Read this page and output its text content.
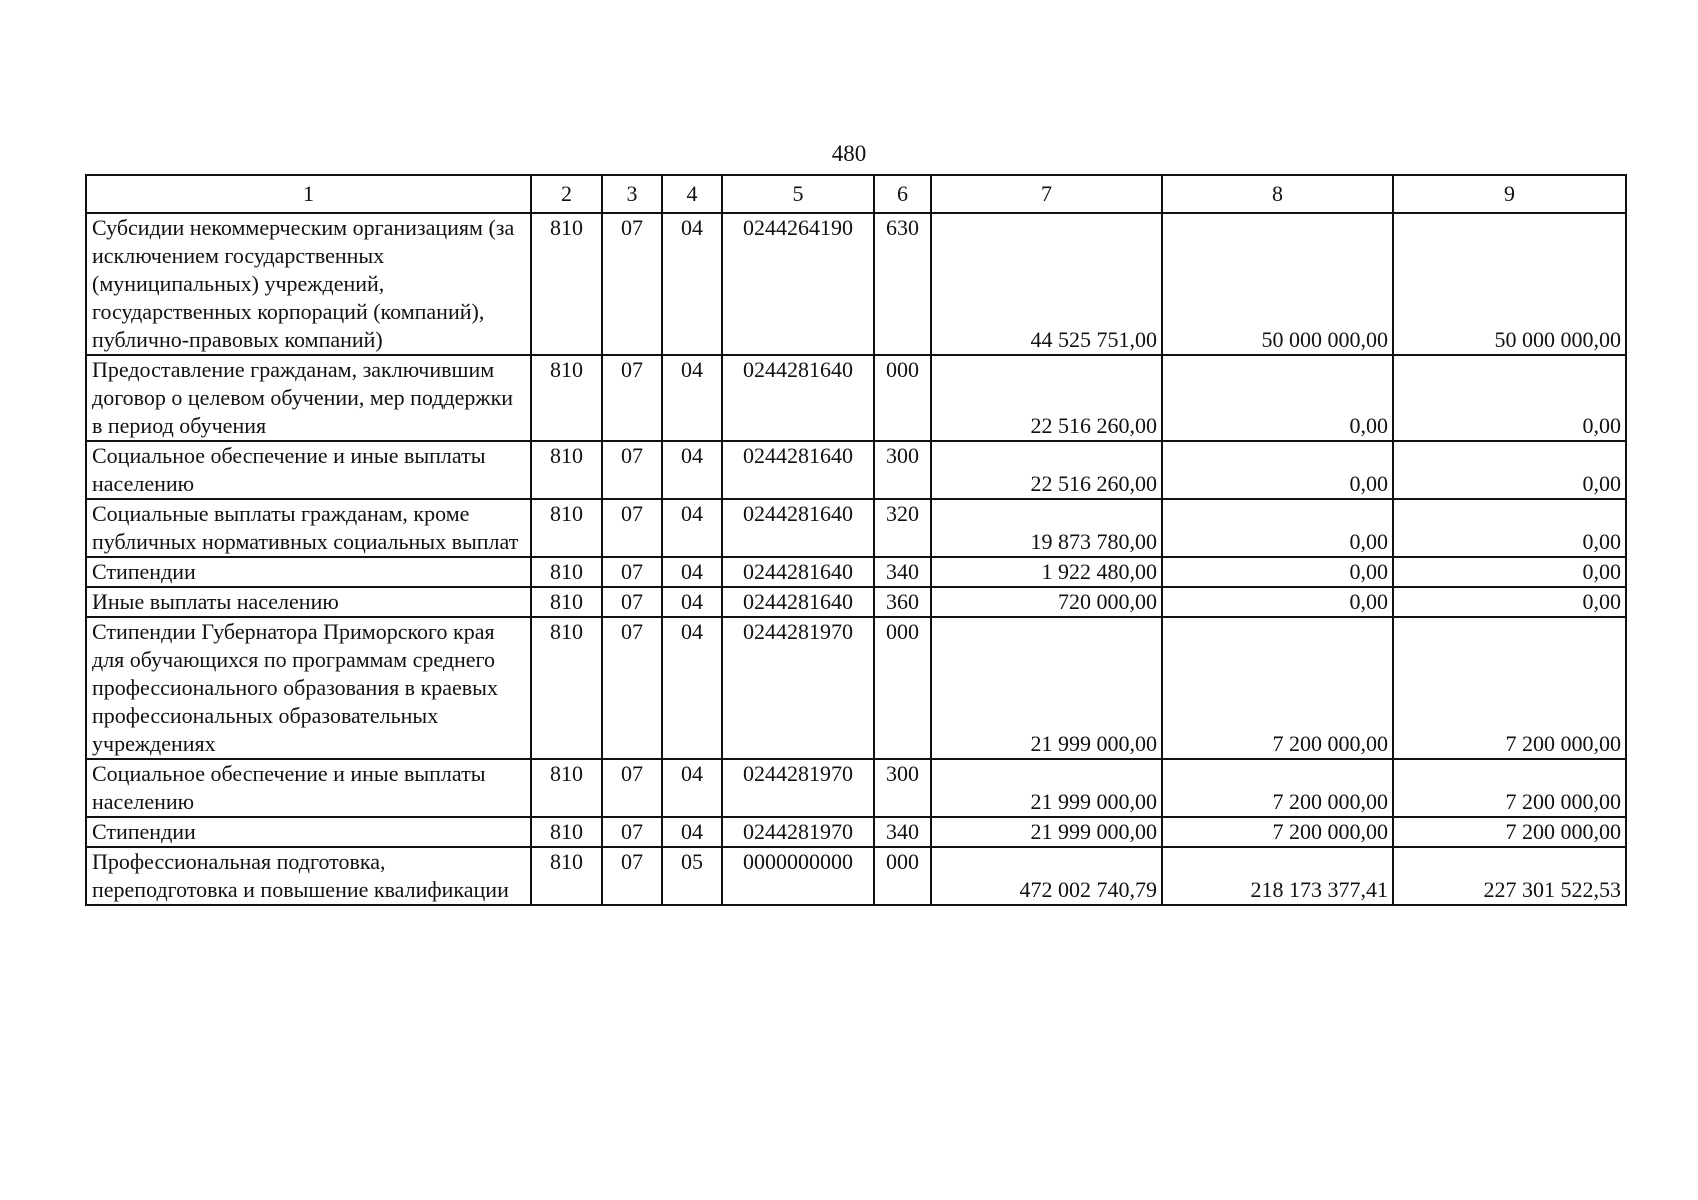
480
1	2	3	4	5	6	7	8	9
Субсидии некоммерческим организациям (за исключением государственных (муниципальных) учреждений, государственных корпораций (компаний), публично-правовых компаний)	810	07	04	0244264190	630	44 525 751,00	50 000 000,00	50 000 000,00
Предоставление гражданам, заключившим договор о целевом обучении, мер поддержки в период обучения	810	07	04	0244281640	000	22 516 260,00	0,00	0,00
Социальное обеспечение и иные выплаты населению	810	07	04	0244281640	300	22 516 260,00	0,00	0,00
Социальные выплаты гражданам, кроме публичных нормативных социальных выплат	810	07	04	0244281640	320	19 873 780,00	0,00	0,00
Стипендии	810	07	04	0244281640	340	1 922 480,00	0,00	0,00
Иные выплаты населению	810	07	04	0244281640	360	720 000,00	0,00	0,00
Стипендии Губернатора Приморского края для обучающихся по программам среднего профессионального образования в краевых профессиональных образовательных учреждениях	810	07	04	0244281970	000	21 999 000,00	7 200 000,00	7 200 000,00
Социальное обеспечение и иные выплаты населению	810	07	04	0244281970	300	21 999 000,00	7 200 000,00	7 200 000,00
Стипендии	810	07	04	0244281970	340	21 999 000,00	7 200 000,00	7 200 000,00
Профессиональная подготовка, переподготовка и повышение квалификации	810	07	05	0000000000	000	472 002 740,79	218 173 377,41	227 301 522,53
